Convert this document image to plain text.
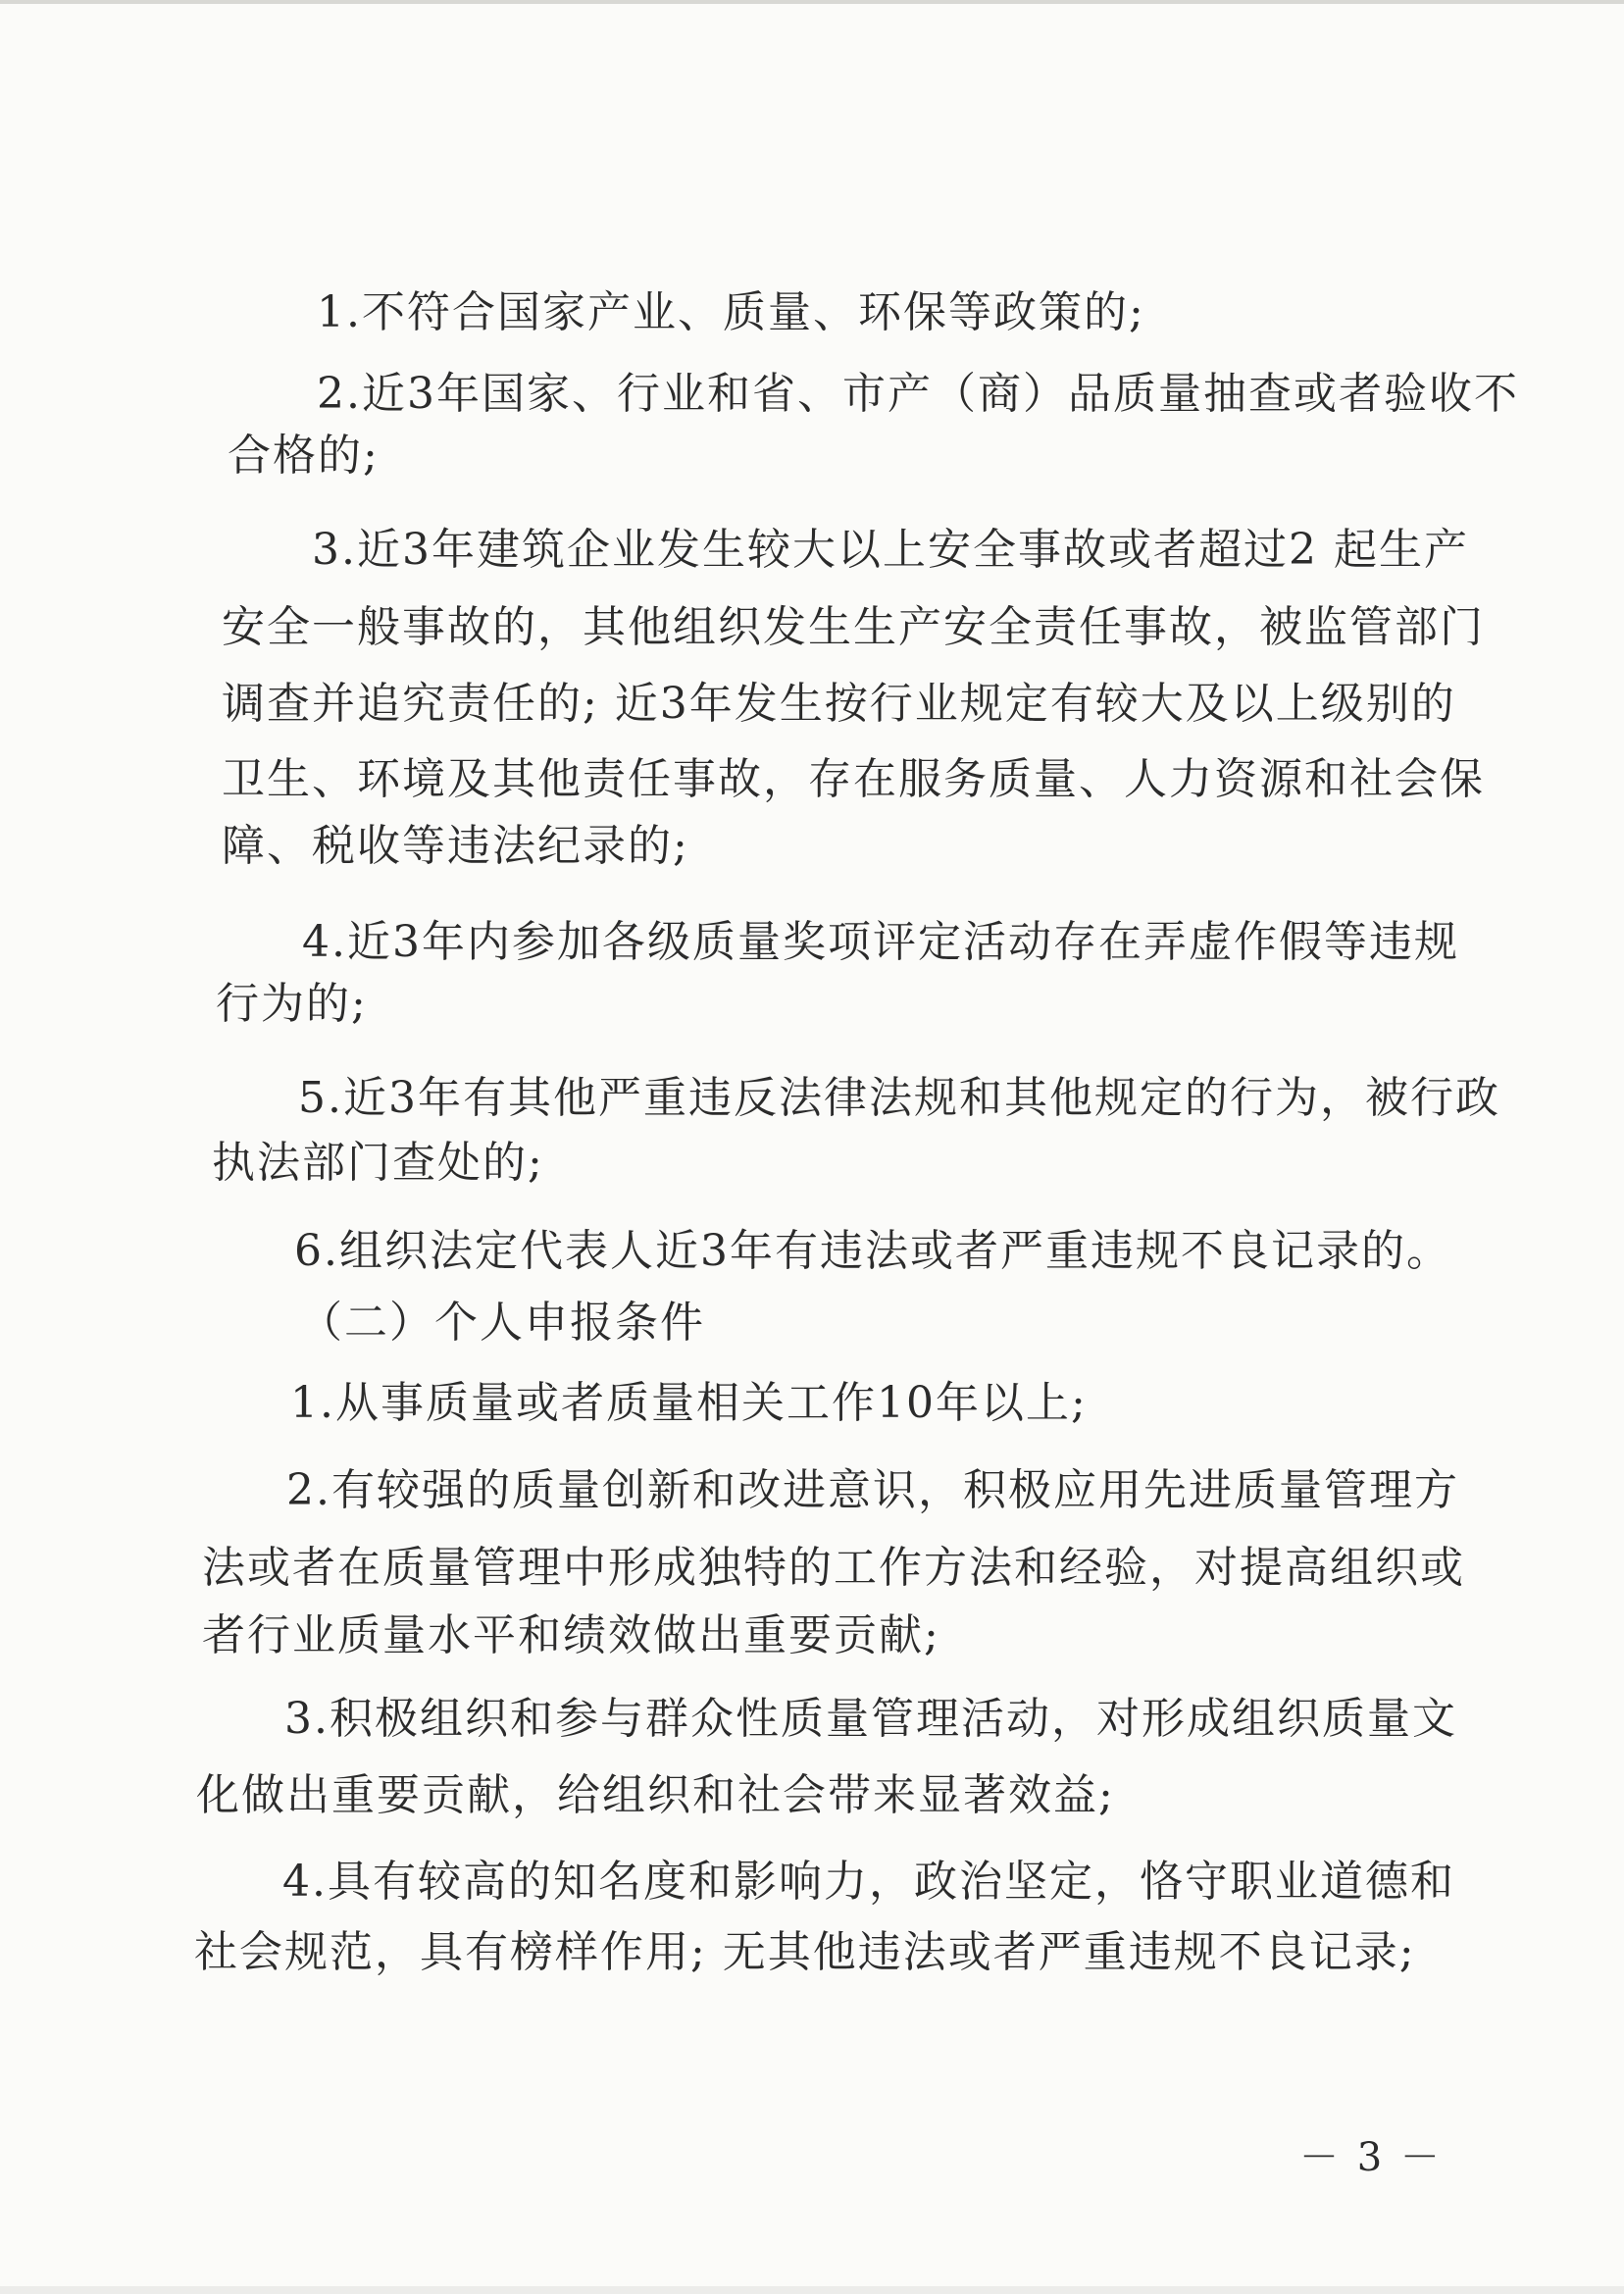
1.不符合国家产业、质量、环保等政策的;
2.近3年国家、行业和省、市产（商）品质量抽查或者验收不
合格的;
3.近3年建筑企业发生较大以上安全事故或者超过2 起生产
安全一般事故的，其他组织发生生产安全责任事故，被监管部门
调查并追究责任的; 近3年发生按行业规定有较大及以上级别的
卫生、环境及其他责任事故，存在服务质量、人力资源和社会保
障、税收等违法纪录的;
4.近3年内参加各级质量奖项评定活动存在弄虚作假等违规
行为的;
5.近3年有其他严重违反法律法规和其他规定的行为，被行政
执法部门查处的;
6.组织法定代表人近3年有违法或者严重违规不良记录的。
（二）个人申报条件
1.从事质量或者质量相关工作10年以上;
2.有较强的质量创新和改进意识，积极应用先进质量管理方
法或者在质量管理中形成独特的工作方法和经验，对提高组织或
者行业质量水平和绩效做出重要贡献;
3.积极组织和参与群众性质量管理活动，对形成组织质量文
化做出重要贡献，给组织和社会带来显著效益;
4.具有较高的知名度和影响力，政治坚定，恪守职业道德和
社会规范，具有榜样作用; 无其他违法或者严重违规不良记录;
－ 3 －
